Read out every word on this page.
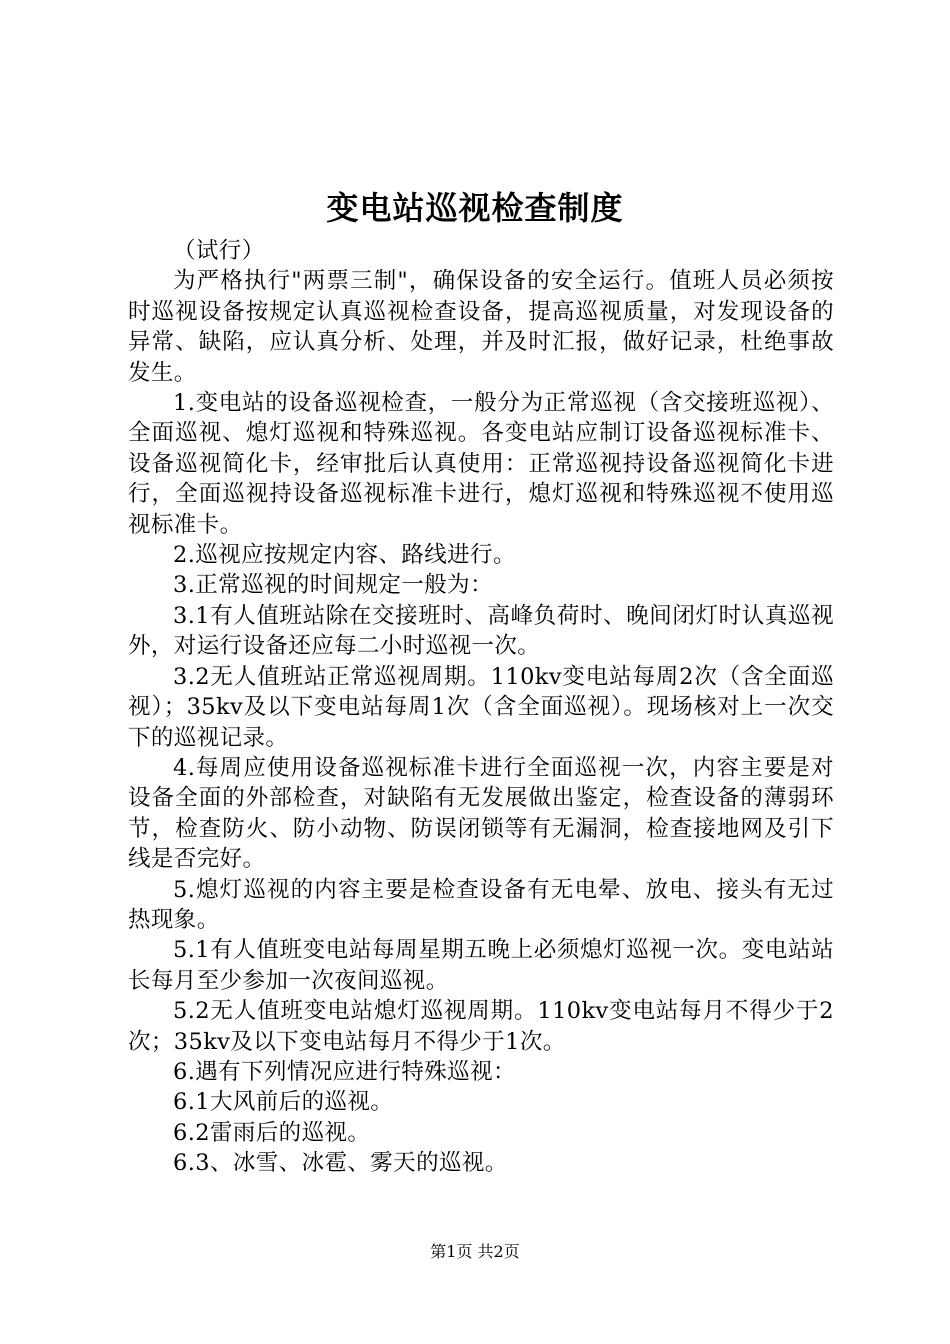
变电站巡视检查制度

（试行）

为严格执行"两票三制"，确保设备的安全运行。值班人员必须按时巡视设备按规定认真巡视检查设备，提高巡视质量，对发现设备的异常、缺陷，应认真分析、处理，并及时汇报，做好记录，杜绝事故发生。

1.变电站的设备巡视检查，一般分为正常巡视（含交接班巡视）、全面巡视、熄灯巡视和特殊巡视。各变电站应制订设备巡视标准卡、设备巡视简化卡，经审批后认真使用：正常巡视持设备巡视简化卡进行，全面巡视持设备巡视标准卡进行，熄灯巡视和特殊巡视不使用巡视标准卡。

2.巡视应按规定内容、路线进行。

3.正常巡视的时间规定一般为：

3.1有人值班站除在交接班时、高峰负荷时、晚间闭灯时认真巡视外，对运行设备还应每二小时巡视一次。

3.2无人值班站正常巡视周期。110kv变电站每周2次（含全面巡视）；35kv及以下变电站每周1次（含全面巡视）。现场核对上一次交下的巡视记录。

4.每周应使用设备巡视标准卡进行全面巡视一次，内容主要是对设备全面的外部检查，对缺陷有无发展做出鉴定，检查设备的薄弱环节，检查防火、防小动物、防误闭锁等有无漏洞，检查接地网及引下线是否完好。

5.熄灯巡视的内容主要是检查设备有无电晕、放电、接头有无过热现象。

5.1有人值班变电站每周星期五晚上必须熄灯巡视一次。变电站站长每月至少参加一次夜间巡视。

5.2无人值班变电站熄灯巡视周期。110kv变电站每月不得少于2次；35kv及以下变电站每月不得少于1次。

6.遇有下列情况应进行特殊巡视：

6.1大风前后的巡视。

6.2雷雨后的巡视。

6.3、冰雪、冰雹、雾天的巡视。

第1页 共2页
